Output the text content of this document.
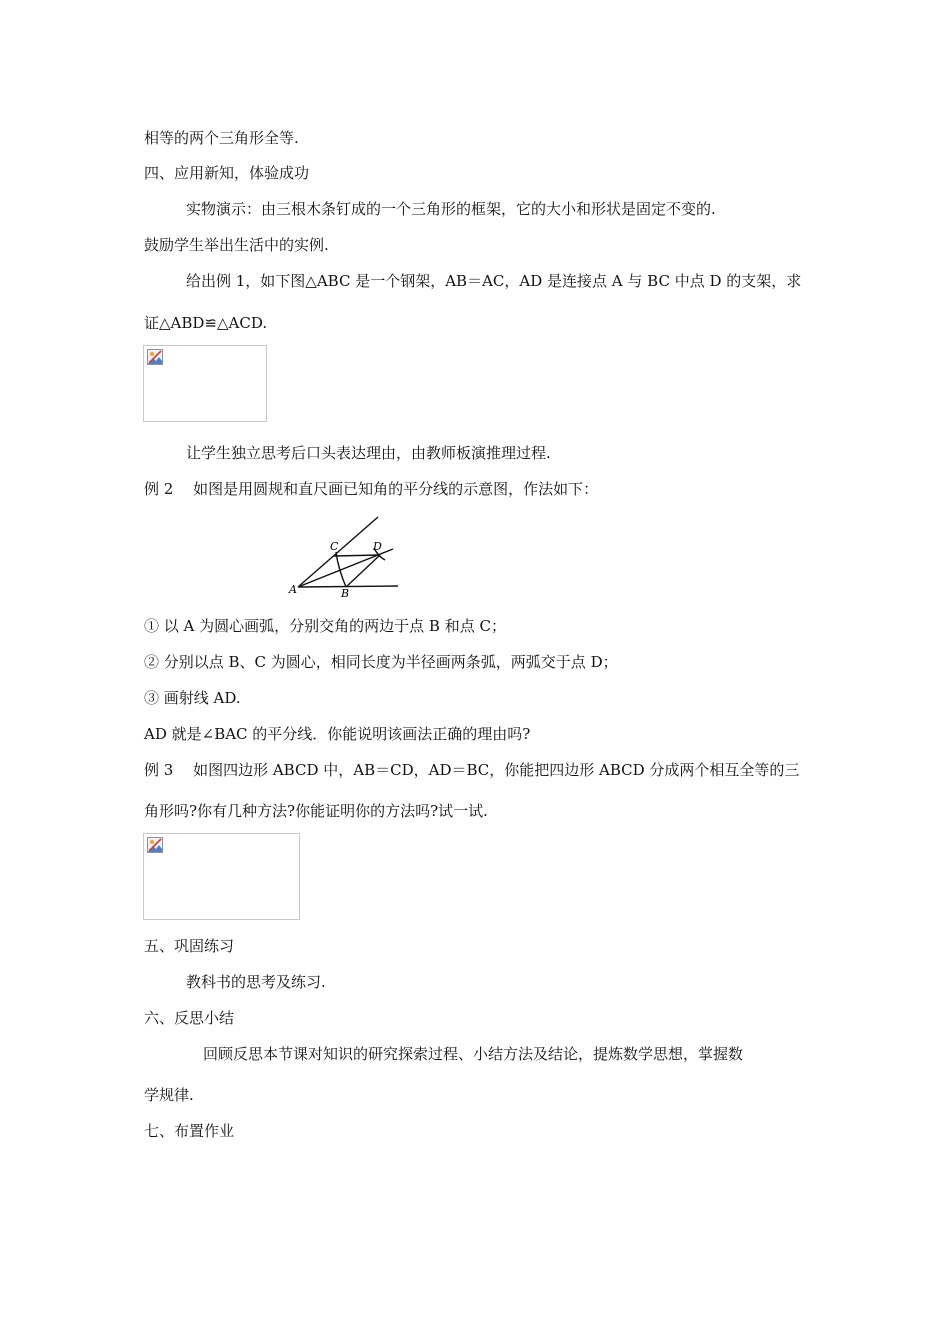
相等的两个三角形全等.

四、应用新知，体验成功

实物演示：由三根木条钉成的一个三角形的框架，它的大小和形状是固定不变的.

鼓励学生举出生活中的实例.

给出例 1，如下图△ABC 是一个钢架，AB＝AC，AD 是连接点 A 与 BC 中点 D 的支架，求

证△ABD≌△ACD.

让学生独立思考后口头表达理由，由教师板演推理过程.

例 2　 如图是用圆规和直尺画已知角的平分线的示意图，作法如下：

A	B
C	D

① 以 A 为圆心画弧，分别交角的两边于点 B 和点 C；

② 分别以点 B、C 为圆心，相同长度为半径画两条弧，两弧交于点 D；

③ 画射线 AD.

AD 就是∠BAC 的平分线．你能说明该画法正确的理由吗?

例 3　 如图四边形 ABCD 中，AB＝CD，AD＝BC，你能把四边形 ABCD 分成两个相互全等的三

角形吗?你有几种方法?你能证明你的方法吗?试一试.

五、巩固练习

教科书的思考及练习.

六、反思小结

回顾反思本节课对知识的研究探索过程、小结方法及结论，提炼数学思想，掌握数

学规律.

七、布置作业
